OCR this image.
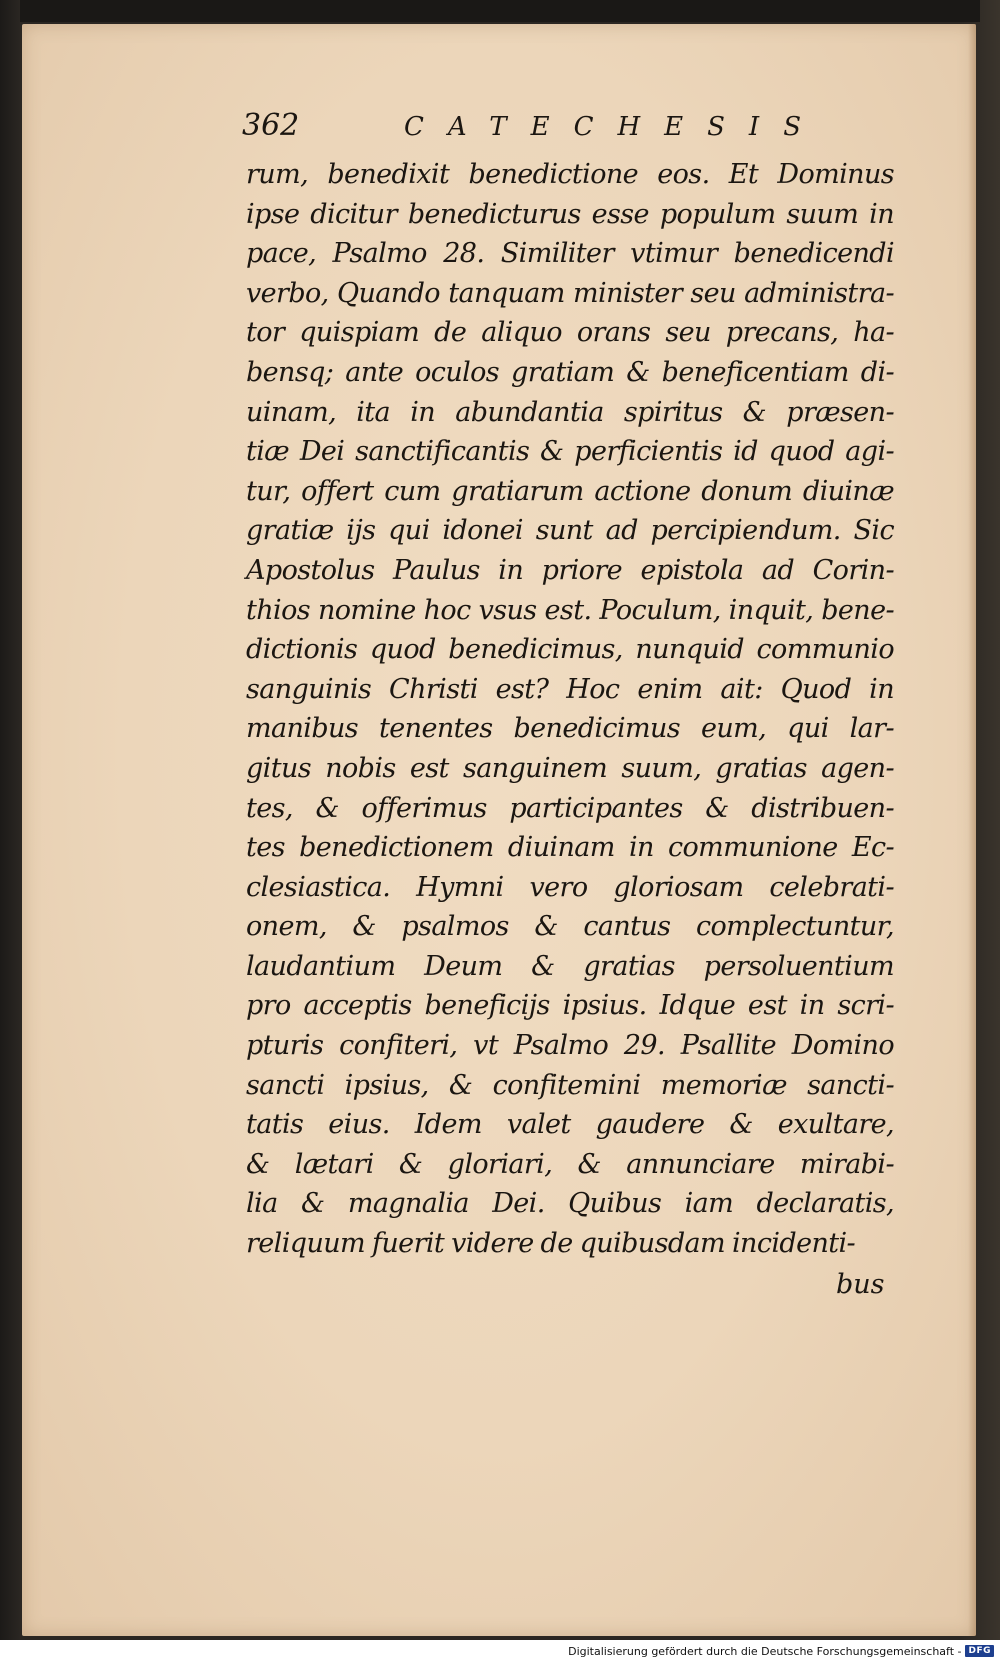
362	CATECHESIS
rum, benedixit benedictione eos. Et Dominus
ipse dicitur benedicturus esse populum suum in
pace, Psalmo 28. Similiter vtimur benedicendi
verbo, Quando tanquam minister seu administra-
tor quispiam de aliquo orans seu precans, ha-
bensq; ante oculos gratiam & beneficentiam di-
uinam, ita in abundantia spiritus & præsen-
tiæ Dei sanctificantis & perficientis id quod agi-
tur, offert cum gratiarum actione donum diuinæ
gratiæ ijs qui idonei sunt ad percipiendum. Sic
Apostolus Paulus in priore epistola ad Corin-
thios nomine hoc vsus est. Poculum, inquit, bene-
dictionis quod benedicimus, nunquid communio
sanguinis Christi est? Hoc enim ait: Quod in
manibus tenentes benedicimus eum, qui lar-
gitus nobis est sanguinem suum, gratias agen-
tes, & offerimus participantes & distribuen-
tes benedictionem diuinam in communione Ec-
clesiastica. Hymni vero gloriosam celebrati-
onem, & psalmos & cantus complectuntur,
laudantium Deum & gratias persoluentium
pro acceptis beneficijs ipsius. Idque est in scri-
pturis confiteri, vt Psalmo 29. Psallite Domino
sancti ipsius, & confitemini memoriæ sancti-
tatis eius. Idem valet gaudere & exultare,
& lætari & gloriari, & annunciare mirabi-
lia & magnalia Dei. Quibus iam declaratis,
reliquum fuerit videre de quibusdam incidenti-
bus
Digitalisierung gefördert durch die Deutsche Forschungsgemeinschaft - DFG
